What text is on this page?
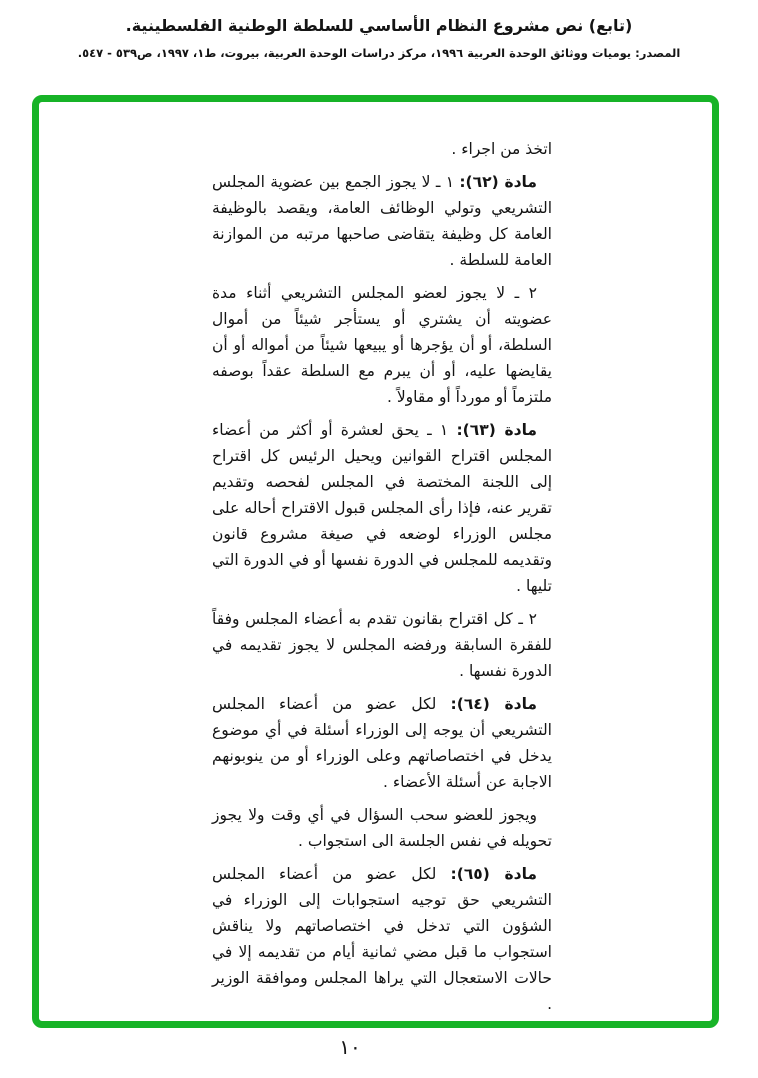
(تابع) نص مشروع النظام الأساسي للسلطة الوطنية الفلسطينية.
المصدر: يوميات ووثائق الوحدة العربية ١٩٩٦، مركز دراسات الوحدة العربية، بيروت، ط١، ١٩٩٧، ص٥٣٩ - ٥٤٧.

اتخذ من اجراء .

مادة (٦٢): ١ ـ لا يجوز الجمع بين عضوية المجلس التشريعي وتولي الوظائف العامة، ويقصد بالوظيفة العامة كل وظيفة يتقاضى صاحبها مرتبه من الموازنة العامة للسلطة .

٢ ـ لا يجوز لعضو المجلس التشريعي أثناء مدة عضويته أن يشتري أو يستأجر شيئاً من أموال السلطة، أو أن يؤجرها أو يبيعها شيئاً من أمواله أو أن يقايضها عليه، أو أن يبرم مع السلطة عقداً بوصفه ملتزماً أو مورداً أو مقاولاً .

مادة (٦٣): ١ ـ يحق لعشرة أو أكثر من أعضاء المجلس اقتراح القوانين ويحيل الرئيس كل اقتراح إلى اللجنة المختصة في المجلس لفحصه وتقديم تقرير عنه، فإذا رأى المجلس قبول الاقتراح أحاله على مجلس الوزراء لوضعه في صيغة مشروع قانون وتقديمه للمجلس في الدورة نفسها أو في الدورة التي تليها .

٢ ـ كل اقتراح بقانون تقدم به أعضاء المجلس وفقاً للفقرة السابقة ورفضه المجلس لا يجوز تقديمه في الدورة نفسها .

مادة (٦٤): لكل عضو من أعضاء المجلس التشريعي أن يوجه إلى الوزراء أسئلة في أي موضوع يدخل في اختصاصاتهم وعلى الوزراء أو من ينوبونهم الاجابة عن أسئلة الأعضاء .

ويجوز للعضو سحب السؤال في أي وقت ولا يجوز تحويله في نفس الجلسة الى استجواب .

مادة (٦٥): لكل عضو من أعضاء المجلس التشريعي حق توجيه استجوابات إلى الوزراء في الشؤون التي تدخل في اختصاصاتهم ولا يناقش استجواب ما قبل مضي ثمانية أيام من تقديمه إلا في حالات الاستعجال التي يراها المجلس وموافقة الوزير .

١٠
